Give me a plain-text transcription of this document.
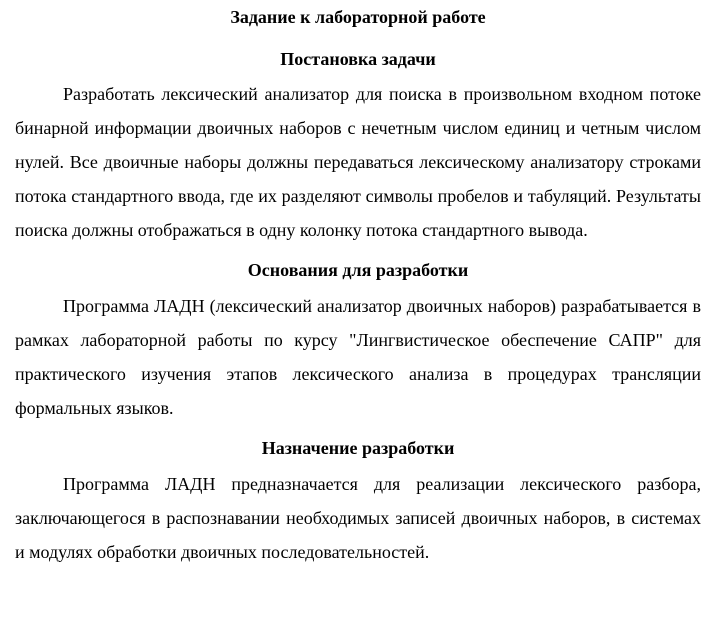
Задание к лабораторной работе
Постановка задачи

Разработать лексический анализатор для поиска в произвольном входном потоке бинарной информации двоичных наборов с нечетным числом единиц и четным числом нулей. Все двоичные наборы должны передаваться лексическому анализатору строками потока стандартного ввода, где их разделяют символы пробелов и табуляций. Результаты поиска должны отображаться в одну колонку потока стандартного вывода.

Основания для разработки

Программа ЛАДН (лексический анализатор двоичных наборов) разрабатывается в рамках лабораторной работы по курсу "Лингвистическое обеспечение САПР" для практического изучения этапов лексического анализа в процедурах трансляции формальных языков.

Назначение разработки

Программа ЛАДН предназначается для реализации лексического разбора, заключающегося в распознавании необходимых записей двоичных наборов, в системах и модулях обработки двоичных последовательностей.
